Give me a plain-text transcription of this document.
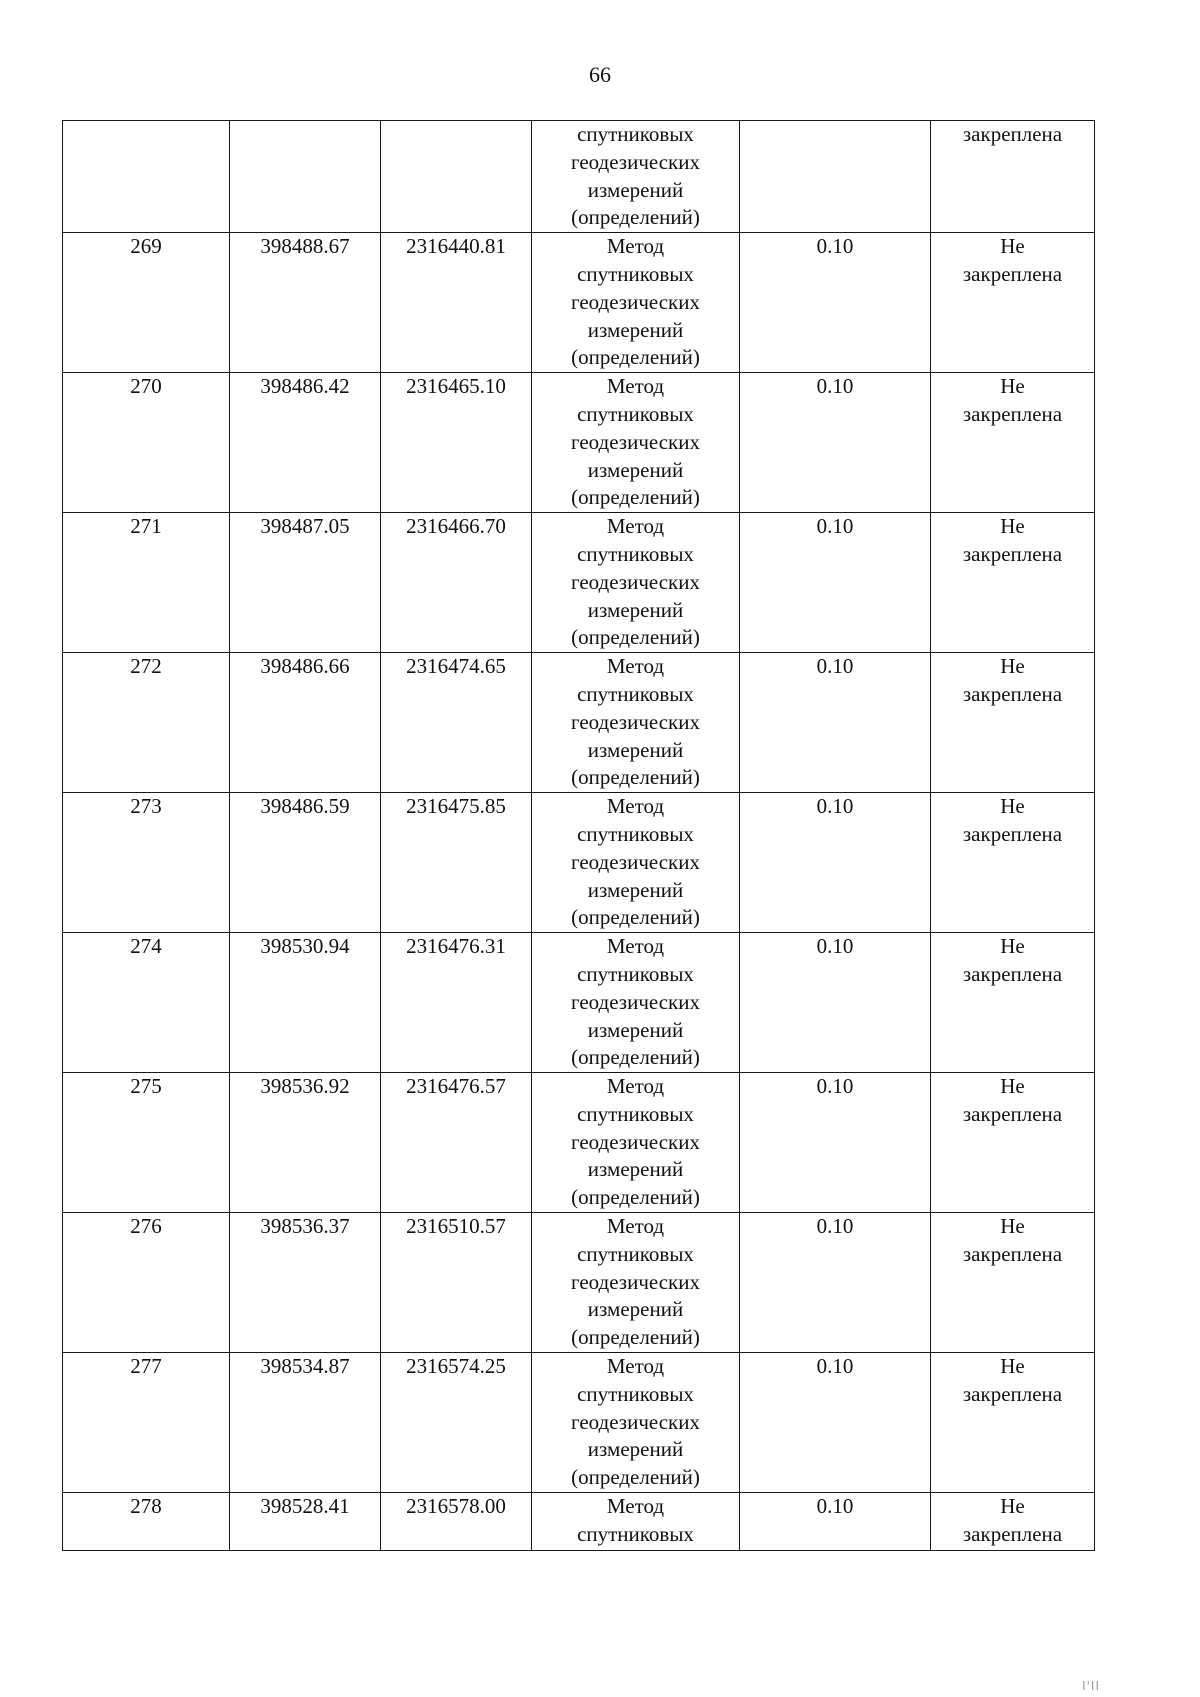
66

			спутниковых
геодезических
измерений
(определений)		закреплена

269	398488.67	2316440.81	Метод
спутниковых
геодезических
измерений
(определений)	0.10	Не
закреплена

270	398486.42	2316465.10	Метод
спутниковых
геодезических
измерений
(определений)	0.10	Не
закреплена

271	398487.05	2316466.70	Метод
спутниковых
геодезических
измерений
(определений)	0.10	Не
закреплена

272	398486.66	2316474.65	Метод
спутниковых
геодезических
измерений
(определений)	0.10	Не
закреплена

273	398486.59	2316475.85	Метод
спутниковых
геодезических
измерений
(определений)	0.10	Не
закреплена

274	398530.94	2316476.31	Метод
спутниковых
геодезических
измерений
(определений)	0.10	Не
закреплена

275	398536.92	2316476.57	Метод
спутниковых
геодезических
измерений
(определений)	0.10	Не
закреплена

276	398536.37	2316510.57	Метод
спутниковых
геодезических
измерений
(определений)	0.10	Не
закреплена

277	398534.87	2316574.25	Метод
спутниковых
геодезических
измерений
(определений)	0.10	Не
закреплена

278	398528.41	2316578.00	Метод
спутниковых	0.10	Не
закреплена
I'II
